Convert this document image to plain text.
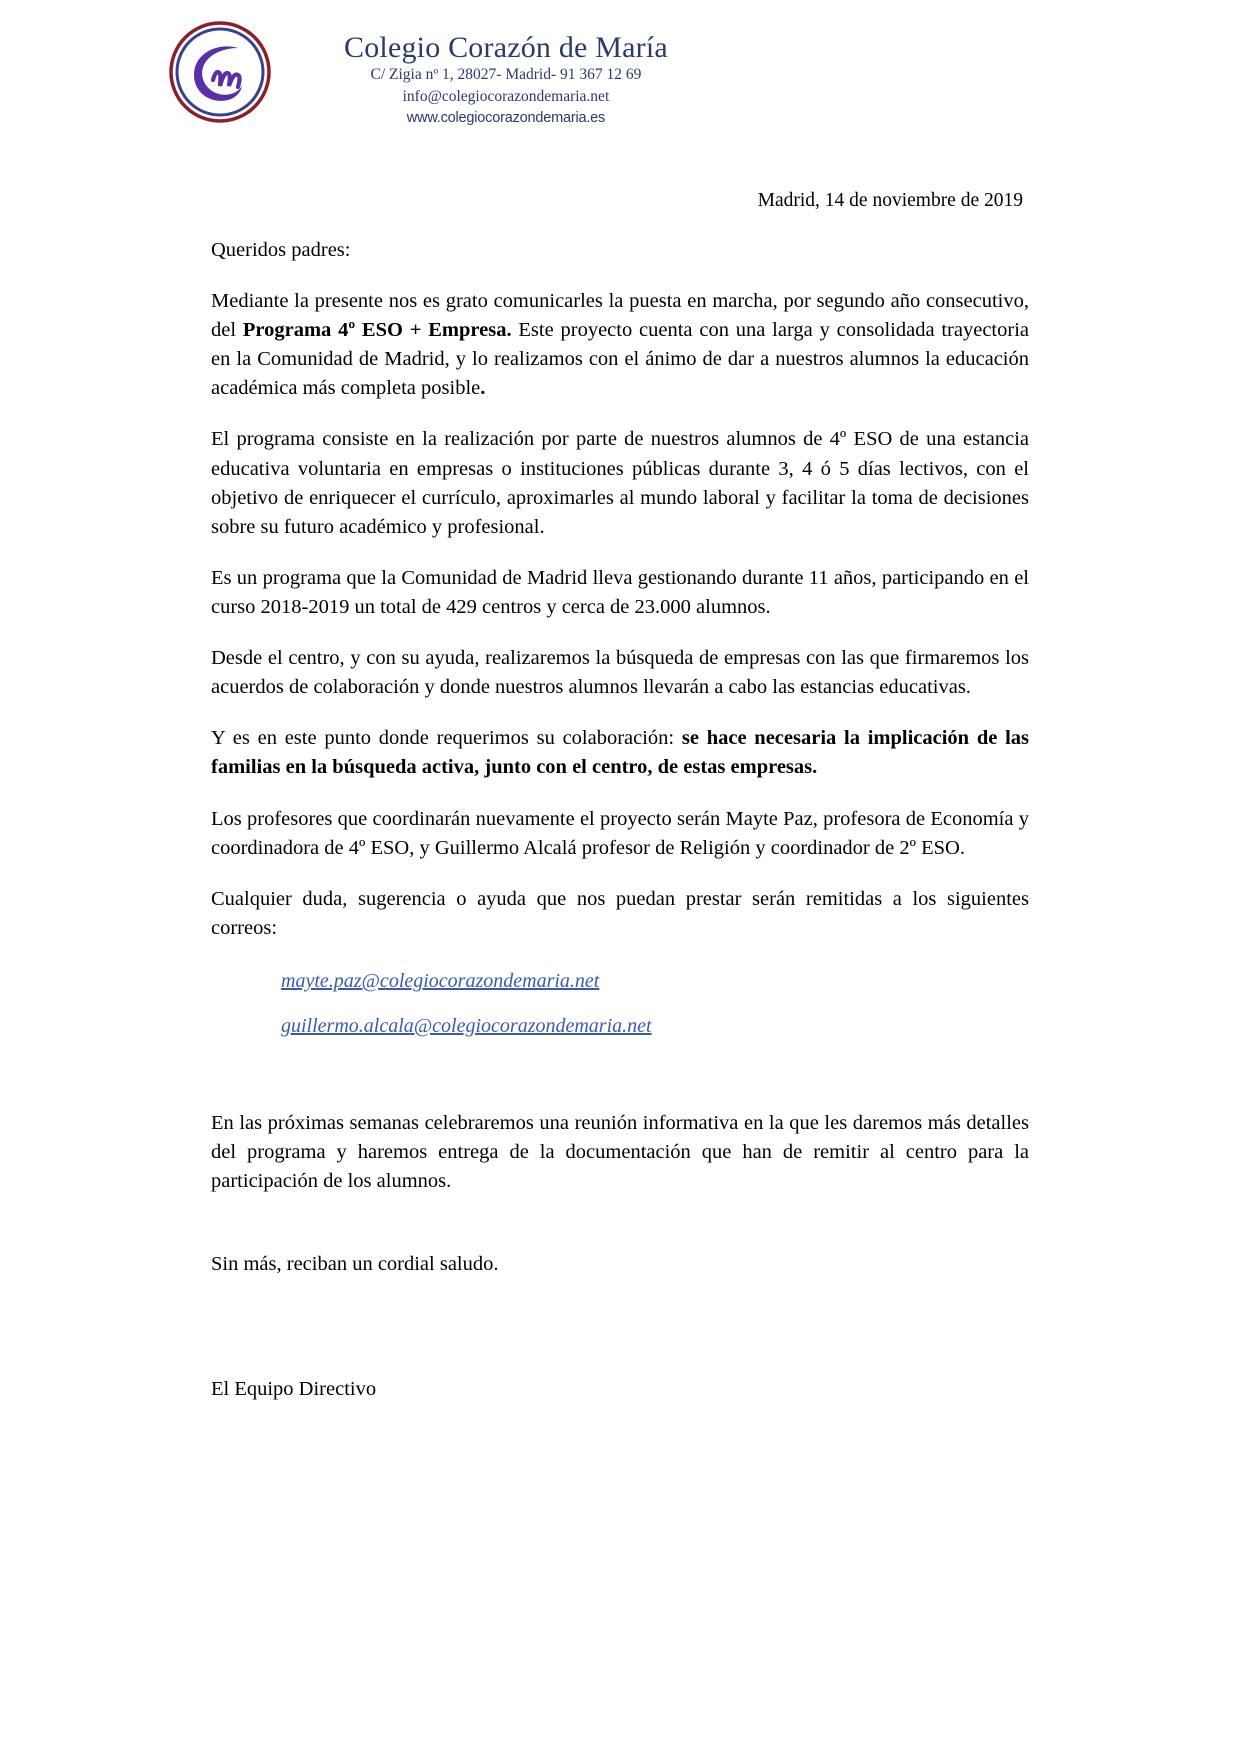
Colegio Corazón de María
C/ Zigia nº 1, 28027- Madrid- 91 367 12 69
info@colegiocorazondemaria.net
www.colegiocorazondemaria.es
Madrid, 14 de noviembre de 2019
Queridos padres:

Mediante la presente nos es grato comunicarles la puesta en marcha, por segundo año consecutivo, del Programa 4º ESO + Empresa. Este proyecto cuenta con una larga y consolidada trayectoria en la Comunidad de Madrid, y lo realizamos con el ánimo de dar a nuestros alumnos la educación académica más completa posible.

El programa consiste en la realización por parte de nuestros alumnos de 4º ESO de una estancia educativa voluntaria en empresas o instituciones públicas durante 3, 4 ó 5 días lectivos, con el objetivo de enriquecer el currículo, aproximarles al mundo laboral y facilitar la toma de decisiones sobre su futuro académico y profesional.

Es un programa que la Comunidad de Madrid lleva gestionando durante 11 años, participando en el curso 2018-2019 un total de 429 centros y cerca de 23.000 alumnos.

Desde el centro, y con su ayuda, realizaremos la búsqueda de empresas con las que firmaremos los acuerdos de colaboración y donde nuestros alumnos llevarán a cabo las estancias educativas.

Y es en este punto donde requerimos su colaboración: se hace necesaria la implicación de las familias en la búsqueda activa, junto con el centro, de estas empresas.

Los profesores que coordinarán nuevamente el proyecto serán Mayte Paz, profesora de Economía y coordinadora de 4º ESO, y Guillermo Alcalá profesor de Religión y coordinador de 2º ESO.

Cualquier duda, sugerencia o ayuda que nos puedan prestar serán remitidas a los siguientes correos:

mayte.paz@colegiocorazondemaria.net
guillermo.alcala@colegiocorazondemaria.net

En las próximas semanas celebraremos una reunión informativa en la que les daremos más detalles del programa y haremos entrega de la documentación que han de remitir al centro para la participación de los alumnos.

Sin más, reciban un cordial saludo.
El Equipo Directivo
